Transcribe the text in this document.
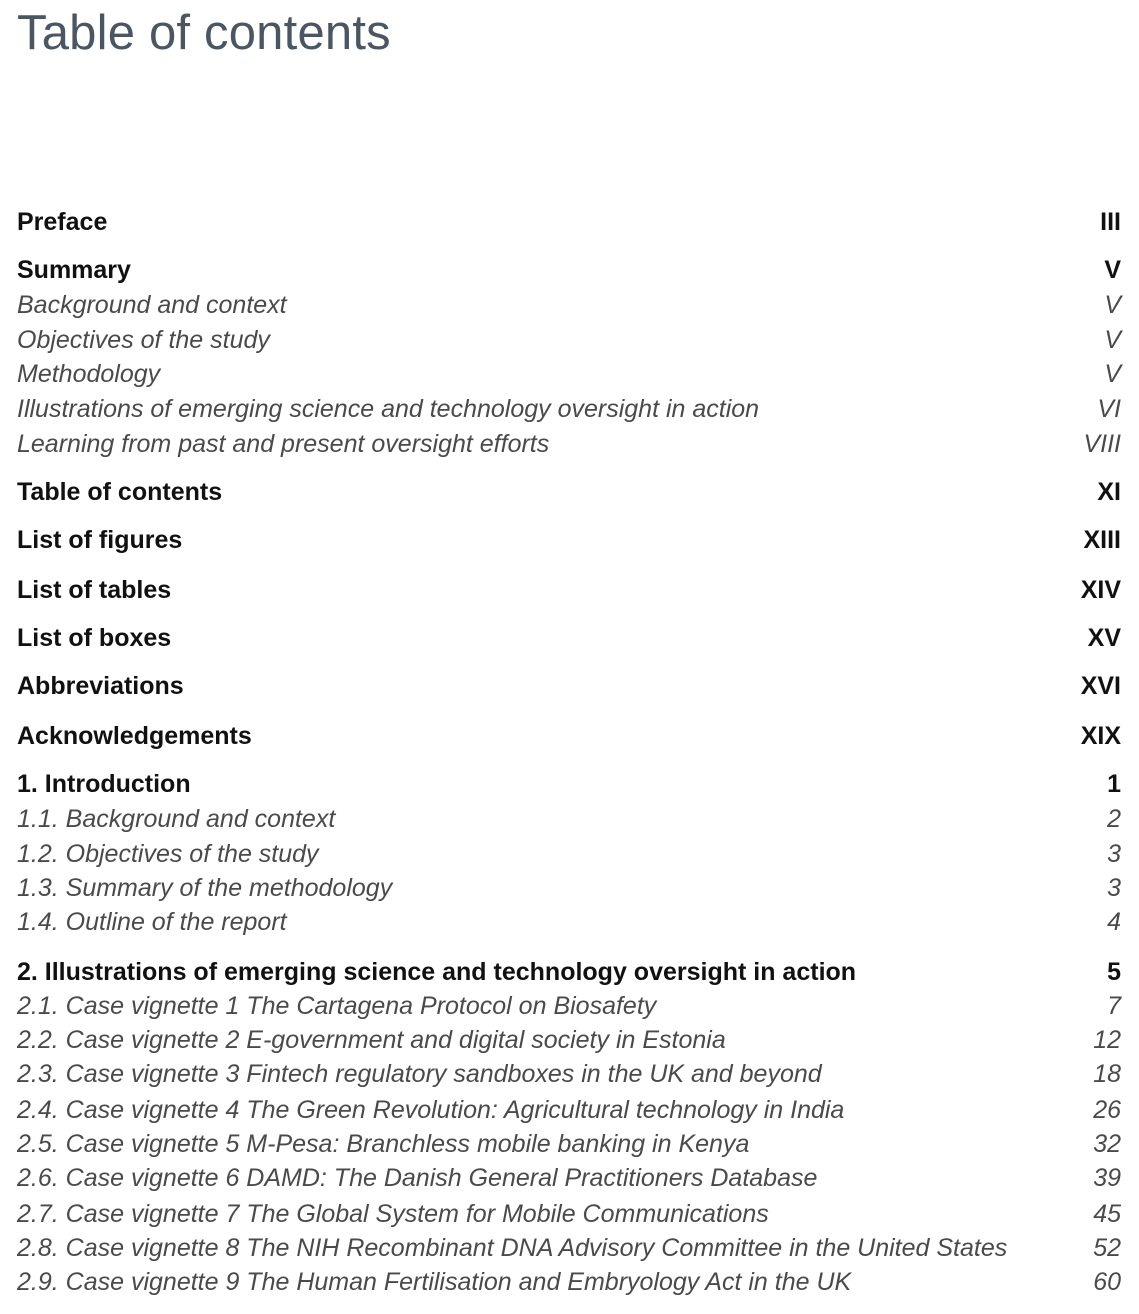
Table of contents
Preface	III
Summary	V
Background and context	V
Objectives of the study	V
Methodology	V
Illustrations of emerging science and technology oversight in action	VI
Learning from past and present oversight efforts	VIII
Table of contents	XI
List of figures	XIII
List of tables	XIV
List of boxes	XV
Abbreviations	XVI
Acknowledgements	XIX
1. Introduction	1
1.1. Background and context	2
1.2. Objectives of the study	3
1.3. Summary of the methodology	3
1.4. Outline of the report	4
2. Illustrations of emerging science and technology oversight in action	5
2.1. Case vignette 1 The Cartagena Protocol on Biosafety	7
2.2. Case vignette 2 E-government and digital society in Estonia	12
2.3. Case vignette 3 Fintech regulatory sandboxes in the UK and beyond	18
2.4. Case vignette 4 The Green Revolution: Agricultural technology in India	26
2.5. Case vignette 5 M-Pesa: Branchless mobile banking in Kenya	32
2.6. Case vignette 6 DAMD: The Danish General Practitioners Database	39
2.7. Case vignette 7 The Global System for Mobile Communications	45
2.8. Case vignette 8 The NIH Recombinant DNA Advisory Committee in the United States	52
2.9. Case vignette 9 The Human Fertilisation and Embryology Act in the UK	60
